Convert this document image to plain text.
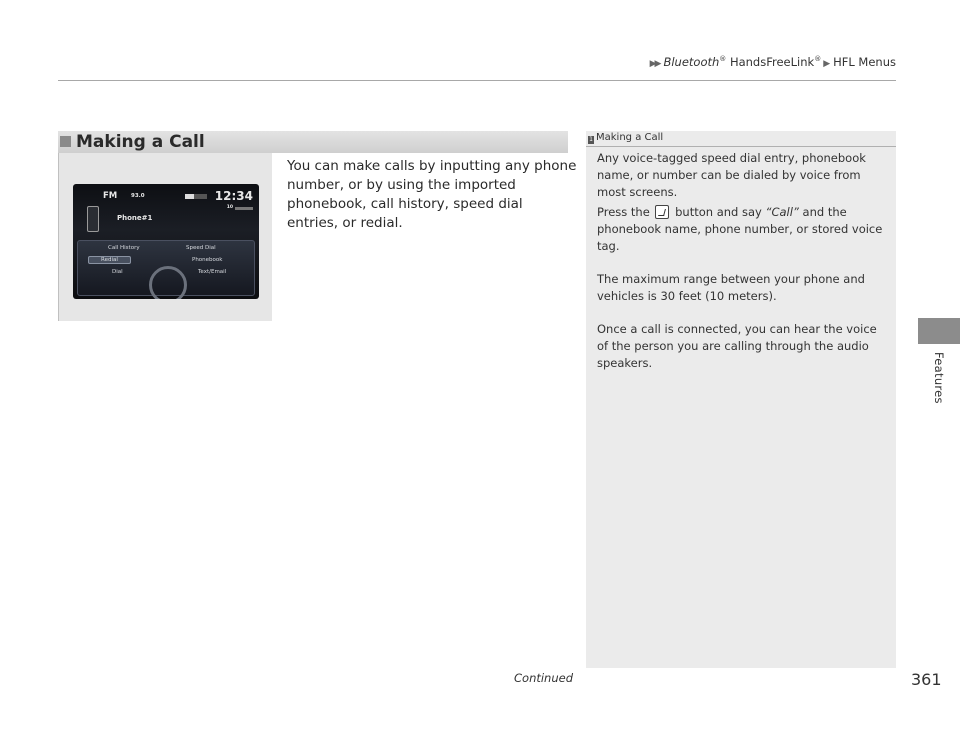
▶▶ Bluetooth® HandsFreeLink® ▶ HFL Menus
Features
Making a Call
FM 93.0	12:34
10
Phone#1
Call History	Speed Dial
Redial	Phonebook
Dial	Text/Email

You can make calls by inputting any phone number, or by using the imported phonebook, call history, speed dial entries, or redial.

1 Making a Call

Any voice-tagged speed dial entry, phonebook name, or number can be dialed by voice from most screens.

Press the  button and say “Call” and the phonebook name, phone number, or stored voice tag.

The maximum range between your phone and vehicles is 30 feet (10 meters).

Once a call is connected, you can hear the voice of the person you are calling through the audio speakers.

Continued	361
